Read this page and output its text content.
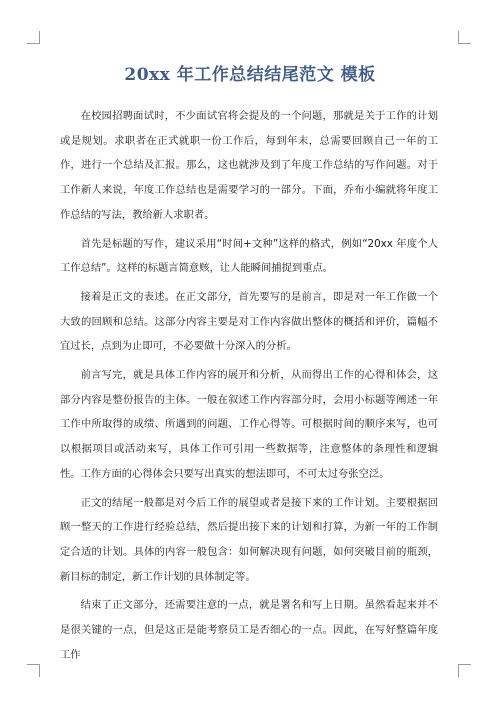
20xx 年工作总结结尾范文 模板

在校园招聘面试时，不少面试官将会提及的一个问题，那就是关于工作的计划或是规划。求职者在正式就职一份工作后，每到年末，总需要回顾自己一年的工作，进行一个总结及汇报。那么，这也就涉及到了年度工作总结的写作问题。对于工作新人来说，年度工作总结也是需要学习的一部分。下面，乔布小编就将年度工作总结的写法，教给新人求职者。

首先是标题的写作，建议采用“时间+文种”这样的格式，例如“20xx 年度个人工作总结”。这样的标题言简意赅，让人能瞬间捕捉到重点。

接着是正文的表述。在正文部分，首先要写的是前言，即是对一年工作做一个大致的回顾和总结。这部分内容主要是对工作内容做出整体的概括和评价，篇幅不宜过长，点到为止即可，不必要做十分深入的分析。

前言写完，就是具体工作内容的展开和分析，从而得出工作的心得和体会，这部分内容是整份报告的主体。一般在叙述工作内容部分时，会用小标题等阐述一年工作中所取得的成绩、所遇到的问题、工作心得等。可根据时间的顺序来写，也可以根据项目或活动来写，具体工作可引用一些数据等，注意整体的条理性和逻辑性。工作方面的心得体会只要写出真实的想法即可，不可太过夸张空泛。

正文的结尾一般都是对今后工作的展望或者是接下来的工作计划。主要根据回顾一整天的工作进行经验总结，然后提出接下来的计划和打算，为新一年的工作制定合适的计划。具体的内容一般包含：如何解决现有问题，如何突破目前的瓶颈，新目标的制定，新工作计划的具体制定等。

结束了正文部分，还需要注意的一点，就是署名和写上日期。虽然看起来并不是很关键的一点，但是这正是能考察员工是否细心的一点。因此，在写好整篇年度工作
